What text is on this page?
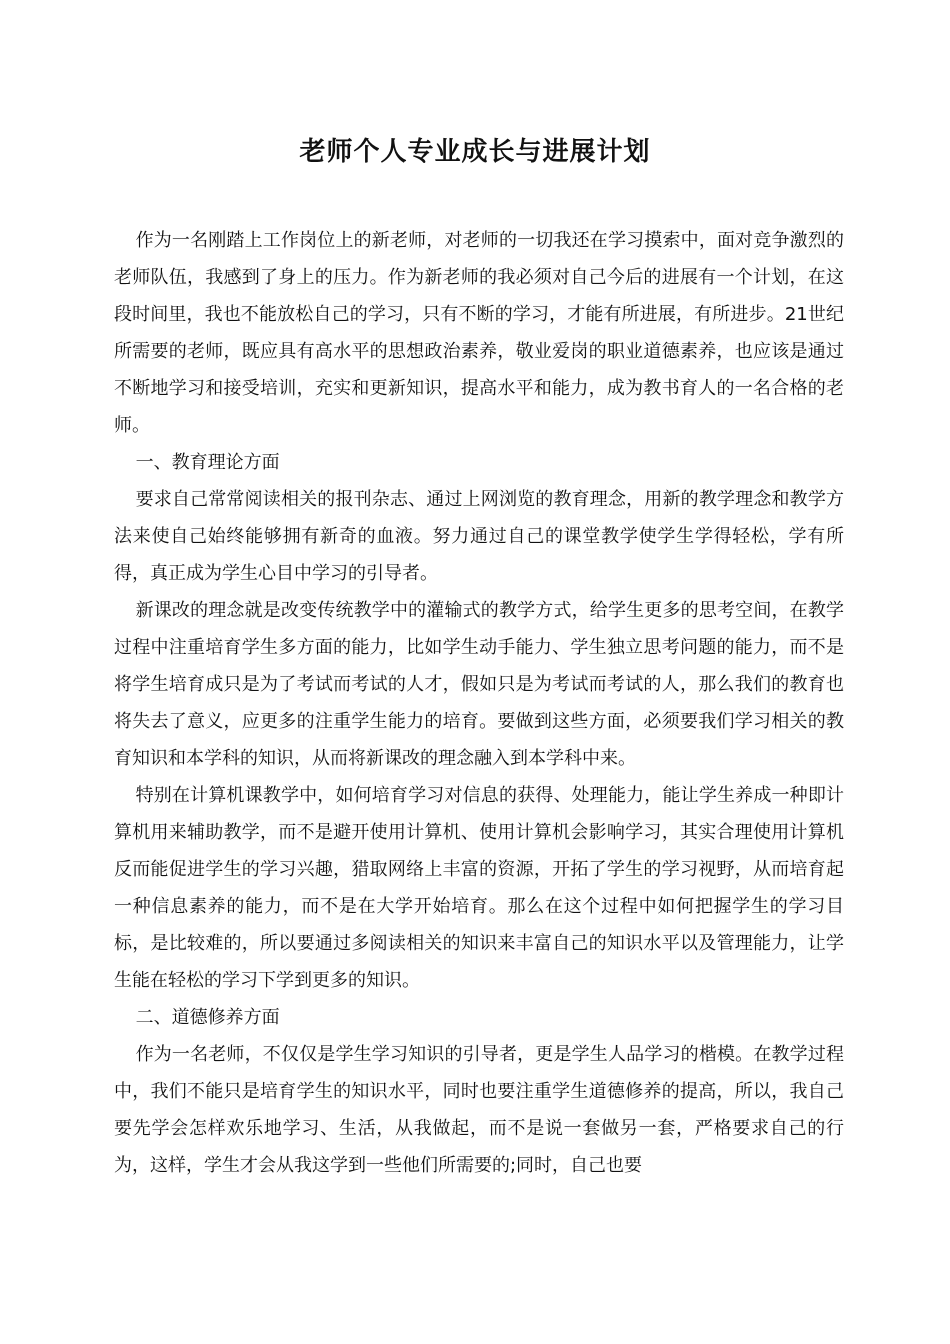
老师个人专业成长与进展计划

作为一名刚踏上工作岗位上的新老师，对老师的一切我还在学习摸索中，面对竞争激烈的老师队伍，我感到了身上的压力。作为新老师的我必须对自己今后的进展有一个计划，在这段时间里，我也不能放松自己的学习，只有不断的学习，才能有所进展，有所进步。21世纪所需要的老师，既应具有高水平的思想政治素养，敬业爱岗的职业道德素养，也应该是通过不断地学习和接受培训，充实和更新知识，提高水平和能力，成为教书育人的一名合格的老师。

一、教育理论方面

要求自己常常阅读相关的报刊杂志、通过上网浏览的教育理念，用新的教学理念和教学方法来使自己始终能够拥有新奇的血液。努力通过自己的课堂教学使学生学得轻松，学有所得，真正成为学生心目中学习的引导者。

新课改的理念就是改变传统教学中的灌输式的教学方式，给学生更多的思考空间，在教学过程中注重培育学生多方面的能力，比如学生动手能力、学生独立思考问题的能力，而不是将学生培育成只是为了考试而考试的人才，假如只是为考试而考试的人，那么我们的教育也将失去了意义，应更多的注重学生能力的培育。要做到这些方面，必须要我们学习相关的教育知识和本学科的知识，从而将新课改的理念融入到本学科中来。

特别在计算机课教学中，如何培育学习对信息的获得、处理能力，能让学生养成一种即计算机用来辅助教学，而不是避开使用计算机、使用计算机会影响学习，其实合理使用计算机反而能促进学生的学习兴趣，猎取网络上丰富的资源，开拓了学生的学习视野，从而培育起一种信息素养的能力，而不是在大学开始培育。那么在这个过程中如何把握学生的学习目标，是比较难的，所以要通过多阅读相关的知识来丰富自己的知识水平以及管理能力，让学生能在轻松的学习下学到更多的知识。

二、道德修养方面

作为一名老师，不仅仅是学生学习知识的引导者，更是学生人品学习的楷模。在教学过程中，我们不能只是培育学生的知识水平，同时也要注重学生道德修养的提高，所以，我自己要先学会怎样欢乐地学习、生活，从我做起，而不是说一套做另一套，严格要求自己的行为，这样，学生才会从我这学到一些他们所需要的;同时，自己也要
